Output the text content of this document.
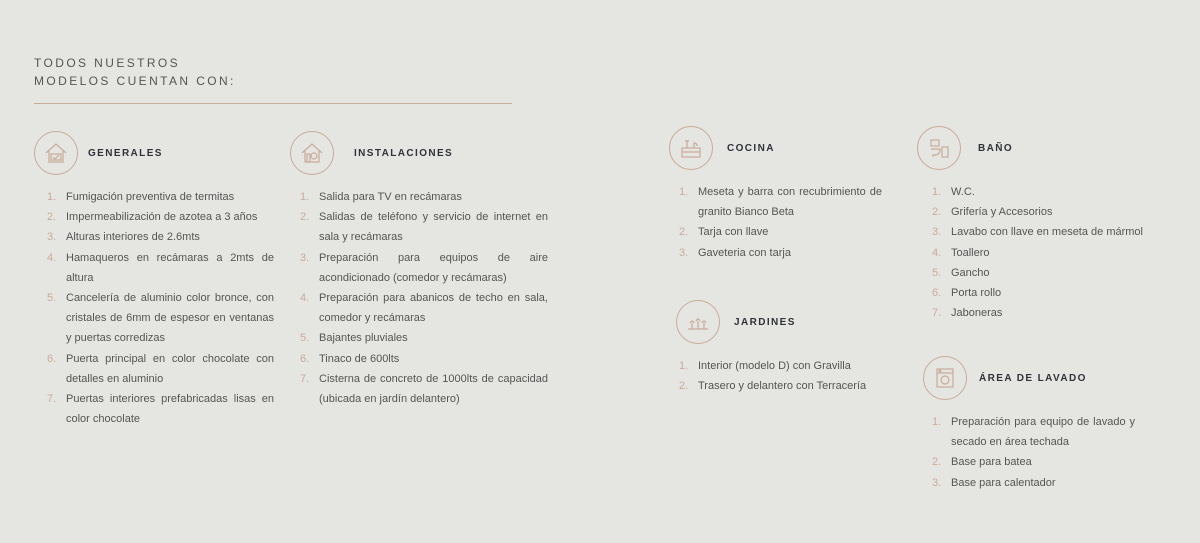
TODOS NUESTROS
MODELOS CUENTAN CON:
GENERALES
1. Fumigación preventiva de termitas
2. Impermeabilización de azotea a 3 años
3. Alturas interiores de 2.6mts
4. Hamaqueros en recámaras a 2mts de altura
5. Cancelería de aluminio color bronce, con cristales de 6mm de espesor en ventanas y puertas corredizas
6. Puerta principal en color chocolate con detalles en aluminio
7. Puertas interiores prefabricadas lisas en color chocolate
INSTALACIONES
1. Salida para TV en recámaras
2. Salidas de teléfono y servicio de internet en sala y recámaras
3. Preparación para equipos de aire acondicionado (comedor y recámaras)
4. Preparación para abanicos de techo en sala, comedor y recámaras
5. Bajantes pluviales
6. Tinaco de 600lts
7. Cisterna de concreto de 1000lts de capacidad (ubicada en jardín delantero)
COCINA
1. Meseta y barra con recubrimiento de granito Bianco Beta
2. Tarja con llave
3. Gaveteria con tarja
JARDINES
1. Interior (modelo D) con Gravilla
2. Trasero y delantero con Terracería
BAÑO
1. W.C.
2. Grifería y Accesorios
3. Lavabo con llave en meseta de mármol
4. Toallero
5. Gancho
6. Porta rollo
7. Jaboneras
ÁREA DE LAVADO
1. Preparación para equipo de lavado y secado en área techada
2. Base para batea
3. Base para calentador
